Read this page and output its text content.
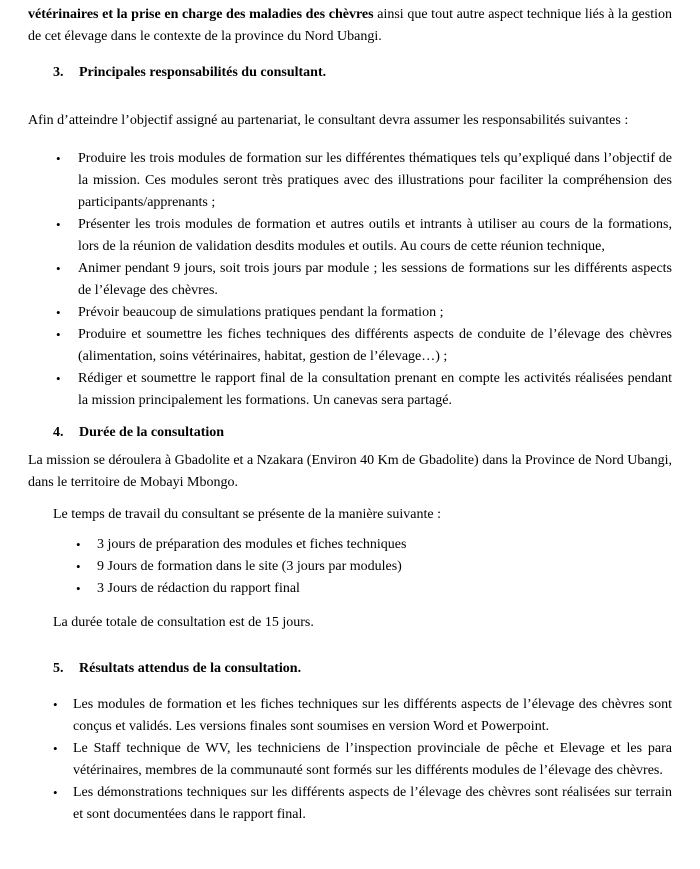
vétérinaires et la prise en charge des maladies des chèvres ainsi que tout autre aspect technique liés à la gestion de cet élevage dans le contexte de la province du Nord Ubangi.

3. Principales responsabilités du consultant.

Afin d’atteindre l’objectif assigné au partenariat, le consultant devra assumer les responsabilités suivantes :

• Produire les trois modules de formation sur les différentes thématiques tels qu’expliqué dans l’objectif de la mission. Ces modules seront très pratiques avec des illustrations pour faciliter la compréhension des participants/apprenants ;
• Présenter les trois modules de formation et autres outils et intrants à utiliser au cours de la formations, lors de la réunion de validation desdits modules et outils. Au cours de cette réunion technique,
• Animer pendant 9 jours, soit trois jours par module ; les sessions de formations sur les différents aspects de l’élevage des chèvres.
• Prévoir beaucoup de simulations pratiques pendant la formation ;
• Produire et soumettre les fiches techniques des différents aspects de conduite de l’élevage des chèvres (alimentation, soins vétérinaires, habitat, gestion de l’élevage…) ;
• Rédiger et soumettre le rapport final de la consultation prenant en compte les activités réalisées pendant la mission principalement les formations. Un canevas sera partagé.
4. Durée de la consultation

La mission se déroulera à Gbadolite et a Nzakara (Environ 40 Km de Gbadolite) dans la Province de Nord Ubangi, dans le territoire de Mobayi Mbongo.

Le temps de travail du consultant se présente de la manière suivante :

• 3 jours de préparation des modules et fiches techniques
• 9 Jours de formation dans le site (3 jours par modules)
• 3 Jours de rédaction du rapport final

La durée totale de consultation est de 15 jours.

5. Résultats attendus de la consultation.
• Les modules de formation et les fiches techniques sur les différents aspects de l’élevage des chèvres sont conçus et validés. Les versions finales sont soumises en version Word et Powerpoint.
• Le Staff technique de WV, les techniciens de l’inspection provinciale de pêche et Elevage et les para vétérinaires, membres de la communauté sont formés sur les différents modules de l’élevage des chèvres.
• Les démonstrations techniques sur les différents aspects de l’élevage des chèvres sont réalisées sur terrain et sont documentées dans le rapport final.
